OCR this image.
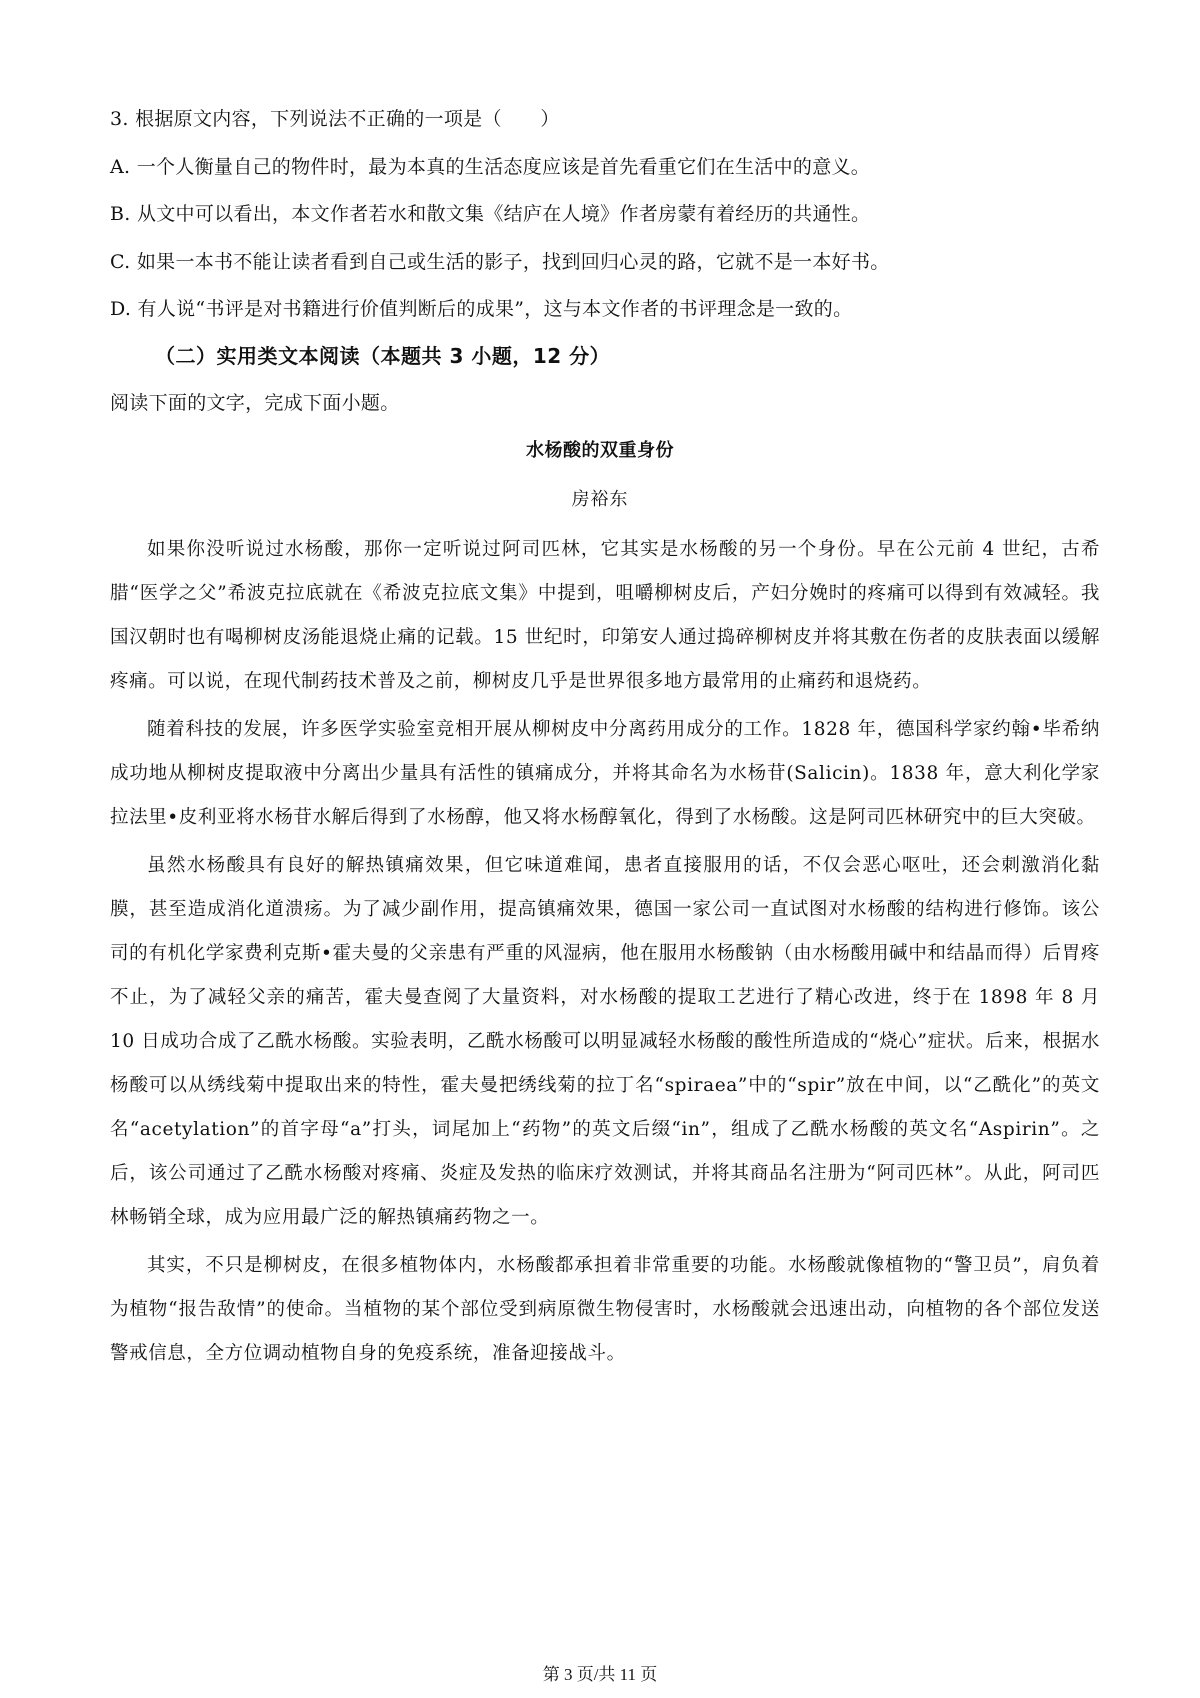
3. 根据原文内容，下列说法不正确的一项是（　　）
A. 一个人衡量自己的物件时，最为本真的生活态度应该是首先看重它们在生活中的意义。
B. 从文中可以看出，本文作者若水和散文集《结庐在人境》作者房蒙有着经历的共通性。
C. 如果一本书不能让读者看到自己或生活的影子，找到回归心灵的路，它就不是一本好书。
D. 有人说“书评是对书籍进行价值判断后的成果”，这与本文作者的书评理念是一致的。
（二）实用类文本阅读（本题共 3 小题，12 分）
阅读下面的文字，完成下面小题。
水杨酸的双重身份
房裕东

如果你没听说过水杨酸，那你一定听说过阿司匹林，它其实是水杨酸的另一个身份。早在公元前 4 世纪，古希腊“医学之父”希波克拉底就在《希波克拉底文集》中提到，咀嚼柳树皮后，产妇分娩时的疼痛可以得到有效减轻。我国汉朝时也有喝柳树皮汤能退烧止痛的记载。15 世纪时，印第安人通过捣碎柳树皮并将其敷在伤者的皮肤表面以缓解疼痛。可以说，在现代制药技术普及之前，柳树皮几乎是世界很多地方最常用的止痛药和退烧药。

随着科技的发展，许多医学实验室竞相开展从柳树皮中分离药用成分的工作。1828 年，德国科学家约翰•毕希纳成功地从柳树皮提取液中分离出少量具有活性的镇痛成分，并将其命名为水杨苷(Salicin)。1838 年，意大利化学家拉法里•皮利亚将水杨苷水解后得到了水杨醇，他又将水杨醇氧化，得到了水杨酸。这是阿司匹林研究中的巨大突破。

虽然水杨酸具有良好的解热镇痛效果，但它味道难闻，患者直接服用的话，不仅会恶心呕吐，还会刺激消化黏膜，甚至造成消化道溃疡。为了减少副作用，提高镇痛效果，德国一家公司一直试图对水杨酸的结构进行修饰。该公司的有机化学家费利克斯•霍夫曼的父亲患有严重的风湿病，他在服用水杨酸钠（由水杨酸用碱中和结晶而得）后胃疼不止，为了减轻父亲的痛苦，霍夫曼查阅了大量资料，对水杨酸的提取工艺进行了精心改进，终于在 1898 年 8 月 10 日成功合成了乙酰水杨酸。实验表明，乙酰水杨酸可以明显减轻水杨酸的酸性所造成的“烧心”症状。后来，根据水杨酸可以从绣线菊中提取出来的特性，霍夫曼把绣线菊的拉丁名“spiraea”中的“spir”放在中间，以“乙酰化”的英文名“acetylation”的首字母“a”打头，词尾加上“药物”的英文后缀“in”，组成了乙酰水杨酸的英文名“Aspirin”。之后，该公司通过了乙酰水杨酸对疼痛、炎症及发热的临床疗效测试，并将其商品名注册为“阿司匹林”。从此，阿司匹林畅销全球，成为应用最广泛的解热镇痛药物之一。

其实，不只是柳树皮，在很多植物体内，水杨酸都承担着非常重要的功能。水杨酸就像植物的“警卫员”，肩负着为植物“报告敌情”的使命。当植物的某个部位受到病原微生物侵害时，水杨酸就会迅速出动，向植物的各个部位发送警戒信息，全方位调动植物自身的免疫系统，准备迎接战斗。

第 3 页/共 11 页
